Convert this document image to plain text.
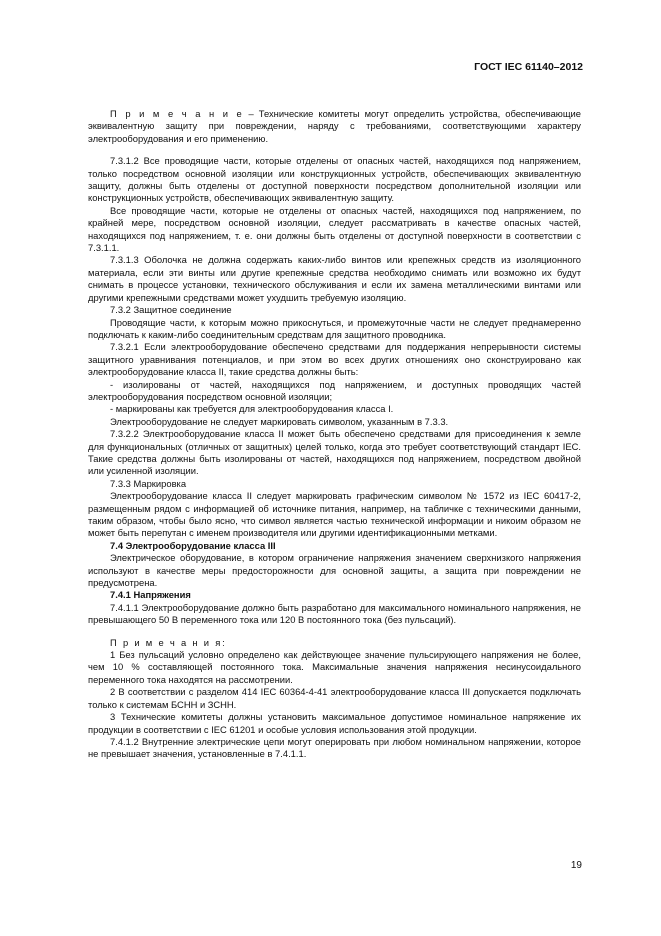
ГОСТ IEC 61140–2012

П р и м е ч а н и е – Технические комитеты могут определить устройства, обеспечивающие эквивалентную защиту при повреждении, наряду с требованиями, соответствующими характеру электрооборудования и его применению.

7.3.1.2 Все проводящие части, которые отделены от опасных частей, находящихся под напряжением, только посредством основной изоляции или конструкционных устройств, обеспечивающих эквивалентную защиту, должны быть отделены от доступной поверхности посредством дополнительной изоляции или конструкционных устройств, обеспечивающих эквивалентную защиту.

Все проводящие части, которые не отделены от опасных частей, находящихся под напряжением, по крайней мере, посредством основной изоляции, следует рассматривать в качестве опасных частей, находящихся под напряжением, т. е. они должны быть отделены от доступной поверхности в соответствии с 7.3.1.1.

7.3.1.3 Оболочка не должна содержать каких-либо винтов или крепежных средств из изоляционного материала, если эти винты или другие крепежные средства необходимо снимать или возможно их будут снимать в процессе установки, технического обслуживания и если их замена металлическими винтами или другими крепежными средствами может ухудшить требуемую изоляцию.

7.3.2 Защитное соединение

Проводящие части, к которым можно прикоснуться, и промежуточные части не следует преднамеренно подключать к каким-либо соединительным средствам для защитного проводника.

7.3.2.1 Если электрооборудование обеспечено средствами для поддержания непрерывности системы защитного уравнивания потенциалов, и при этом во всех других отношениях оно сконструировано как электрооборудование класса II, такие средства должны быть:

- изолированы от частей, находящихся под напряжением, и доступных проводящих частей электрооборудования посредством основной изоляции;

- маркированы как требуется для электрооборудования класса I.

Электрооборудование не следует маркировать символом, указанным в 7.3.3.

7.3.2.2 Электрооборудование класса II может быть обеспечено средствами для присоединения к земле для функциональных (отличных от защитных) целей только, когда это требует соответствующий стандарт IEC. Такие средства должны быть изолированы от частей, находящихся под напряжением, посредством двойной или усиленной изоляции.

7.3.3 Маркировка

Электрооборудование класса II следует маркировать графическим символом № 1572 из IEC 60417-2, размещенным рядом с информацией об источнике питания, например, на табличке с техническими данными, таким образом, чтобы было ясно, что символ является частью технической информации и никоим образом не может быть перепутан с именем производителя или другими идентификационными метками.

7.4 Электрооборудование класса III

Электрическое оборудование, в котором ограничение напряжения значением сверхнизкого напряжения используют в качестве меры предосторожности для основной защиты, а защита при повреждении не предусмотрена.

7.4.1 Напряжения

7.4.1.1 Электрооборудование должно быть разработано для максимального номинального напряжения, не превышающего 50 В переменного тока или 120 В постоянного тока (без пульсаций).

П р и м е ч а н и я:

1 Без пульсаций условно определено как действующее значение пульсирующего напряжения не более, чем 10 % составляющей постоянного тока. Максимальные значения напряжения несинусоидального переменного тока находятся на рассмотрении.

2 В соответствии с разделом 414 IEC 60364-4-41 электрооборудование класса III допускается подключать только к системам БСНН и ЗСНН.

3 Технические комитеты должны установить максимальное допустимое номинальное напряжение их продукции в соответствии с IEC 61201 и особые условия использования этой продукции.

7.4.1.2 Внутренние электрические цепи могут оперировать при любом номинальном напряжении, которое не превышает значения, установленные в 7.4.1.1.

19
